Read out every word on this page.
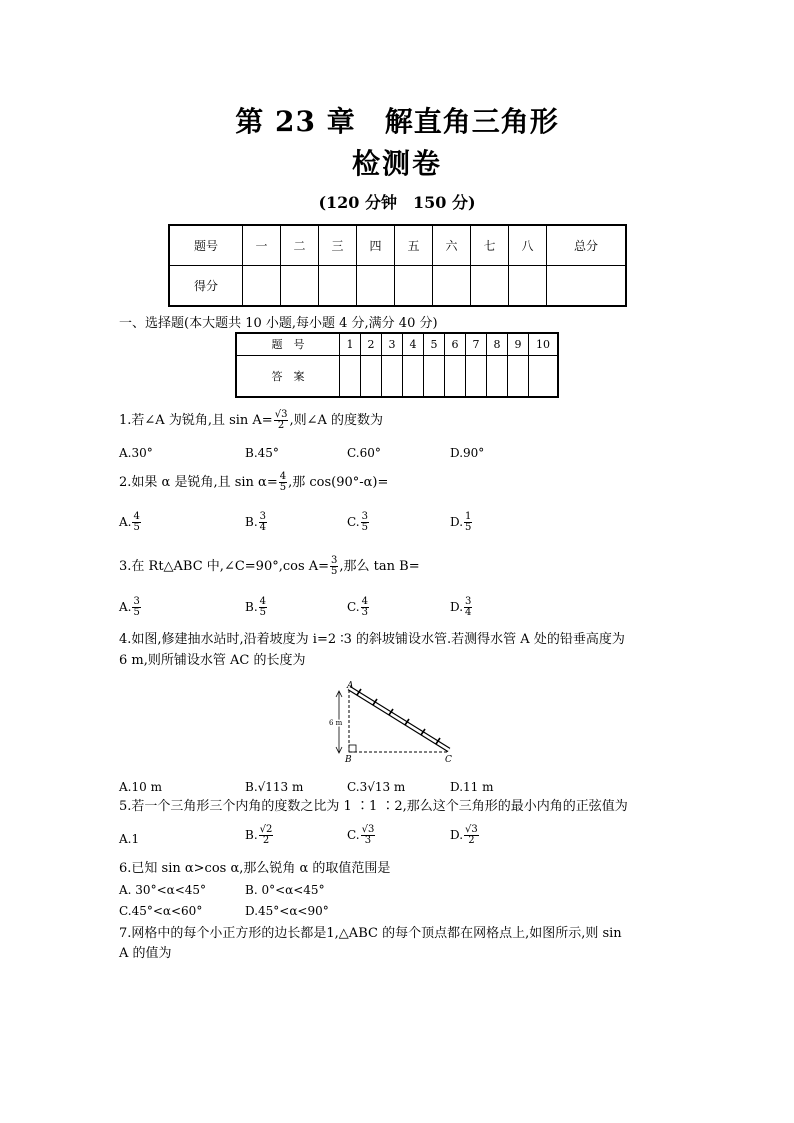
第 23 章　解直角三角形
检测卷
(120 分钟　150 分)
题号	一	二	三	四	五	六	七	八	总分
得分									
一、选择题(本大题共 10 小题,每小题 4 分,满分 40 分)
题　号	1	2	3	4	5	6	7	8	9	10
答　案										
1.若∠A 为锐角,且 $\sin A= \frac{√3}{2}$ ,则∠A 的度数为
A.30°	B.45°	C.60°	D.90°
2.如果 α 是锐角,且 $\sin \alpha= \frac{4}{5}$ ,那 cos(90°-α)=
A. $\frac{4}{5}$	B. $\frac{3}{4}$	C. $\frac{3}{5}$	D. $\frac{1}{5}$
3.在 Rt△ABC 中,∠C=90°,cos $A= \frac{3}{5}$ ,那么 tan B=
A. $\frac{3}{5}$	B. $\frac{4}{5}$	C. $\frac{4}{3}$	D. $\frac{3}{4}$
4.如图,修建抽水站时,沿着坡度为 i=2 ∶3 的斜坡铺设水管.若测得水管 A 处的铅垂高度为
6 m,则所铺设水管 AC 的长度为
A
B	C
6 m
A.10 m	B.√113 m	C.3√13 m	D.11 m
5.若一个三角形三个内角的度数之比为 1 ∶1 ∶2,那么这个三角形的最小内角的正弦值为
A.1	B. $\frac{√2}{2}$	C. $\frac{√3}{3}$	D. $\frac{√3}{2}$
6.已知 sin α>cos α,那么锐角 α 的取值范围是
A. 30°<α<45°	B. 0°<α<45°
C.45°<α<60°	D.45°<α<90°
7.网格中的每个小正方形的边长都是1,△ABC 的每个顶点都在网格点上,如图所示,则 sin
A 的值为
